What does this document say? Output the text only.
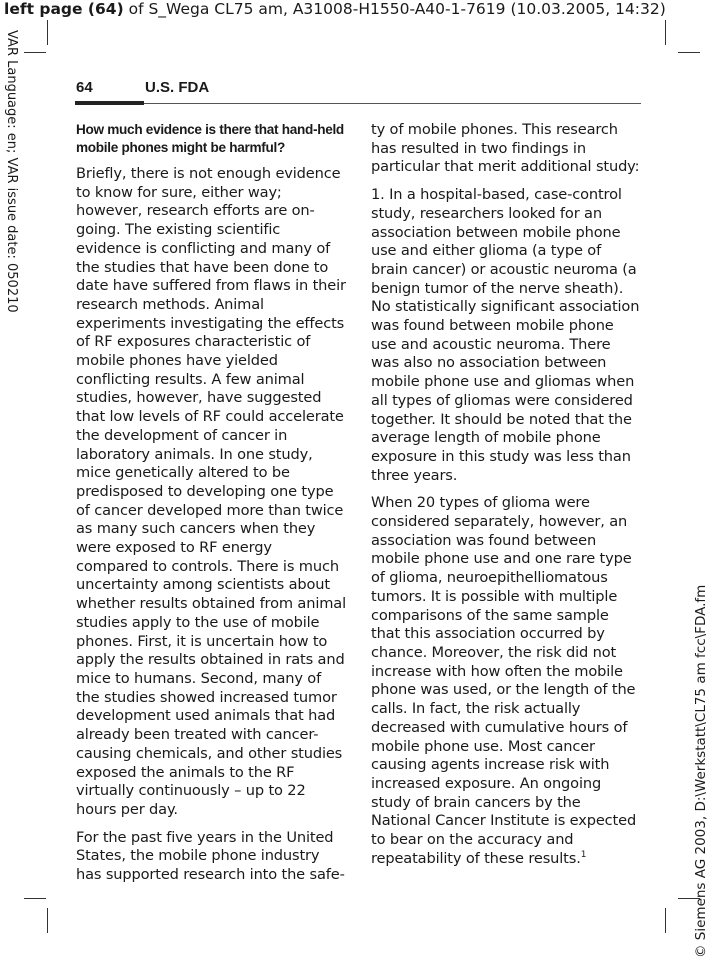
left page (64) of S_Wega CL75 am, A31008-H1550-A40-1-7619 (10.03.2005, 14:32)
VAR Language: en; VAR issue date: 050210
© Siemens AG 2003, D:\Werkstatt\CL75 am fcc\FDA.fm
64	U.S. FDA
How much evidence is there that hand-held mobile phones might be harmful?

Briefly, there is not enough evidence to know for sure, either way; however, research efforts are on-going. The existing scientific evidence is conflicting and many of the studies that have been done to date have suffered from flaws in their research methods. Animal experiments investigating the effects of RF exposures characteristic of mobile phones have yielded conflicting results. A few animal studies, however, have suggested that low levels of RF could accelerate the development of cancer in laboratory animals. In one study, mice genetically altered to be predisposed to developing one type of cancer developed more than twice as many such cancers when they were exposed to RF energy compared to controls. There is much uncertainty among scientists about whether results obtained from animal studies apply to the use of mobile phones. First, it is uncertain how to apply the results obtained in rats and mice to humans. Second, many of the studies showed increased tumor development used animals that had already been treated with cancer-causing chemicals, and other studies exposed the animals to the RF virtually continuously – up to 22 hours per day.

For the past five years in the United States, the mobile phone industry has supported research into the safe-

ty of mobile phones. This research has resulted in two findings in particular that merit additional study:

1. In a hospital-based, case-control study, researchers looked for an association between mobile phone use and either glioma (a type of brain cancer) or acoustic neuroma (a benign tumor of the nerve sheath). No statistically significant association was found between mobile phone use and acoustic neuroma. There was also no association between mobile phone use and gliomas when all types of gliomas were considered together. It should be noted that the average length of mobile phone exposure in this study was less than three years.

When 20 types of glioma were considered separately, however, an association was found between mobile phone use and one rare type of glioma, neuroepithelliomatous tumors. It is possible with multiple comparisons of the same sample that this association occurred by chance. Moreover, the risk did not increase with how often the mobile phone was used, or the length of the calls. In fact, the risk actually decreased with cumulative hours of mobile phone use. Most cancer causing agents increase risk with increased exposure. An ongoing study of brain cancers by the National Cancer Institute is expected to bear on the accuracy and repeatability of these results.$^1$
